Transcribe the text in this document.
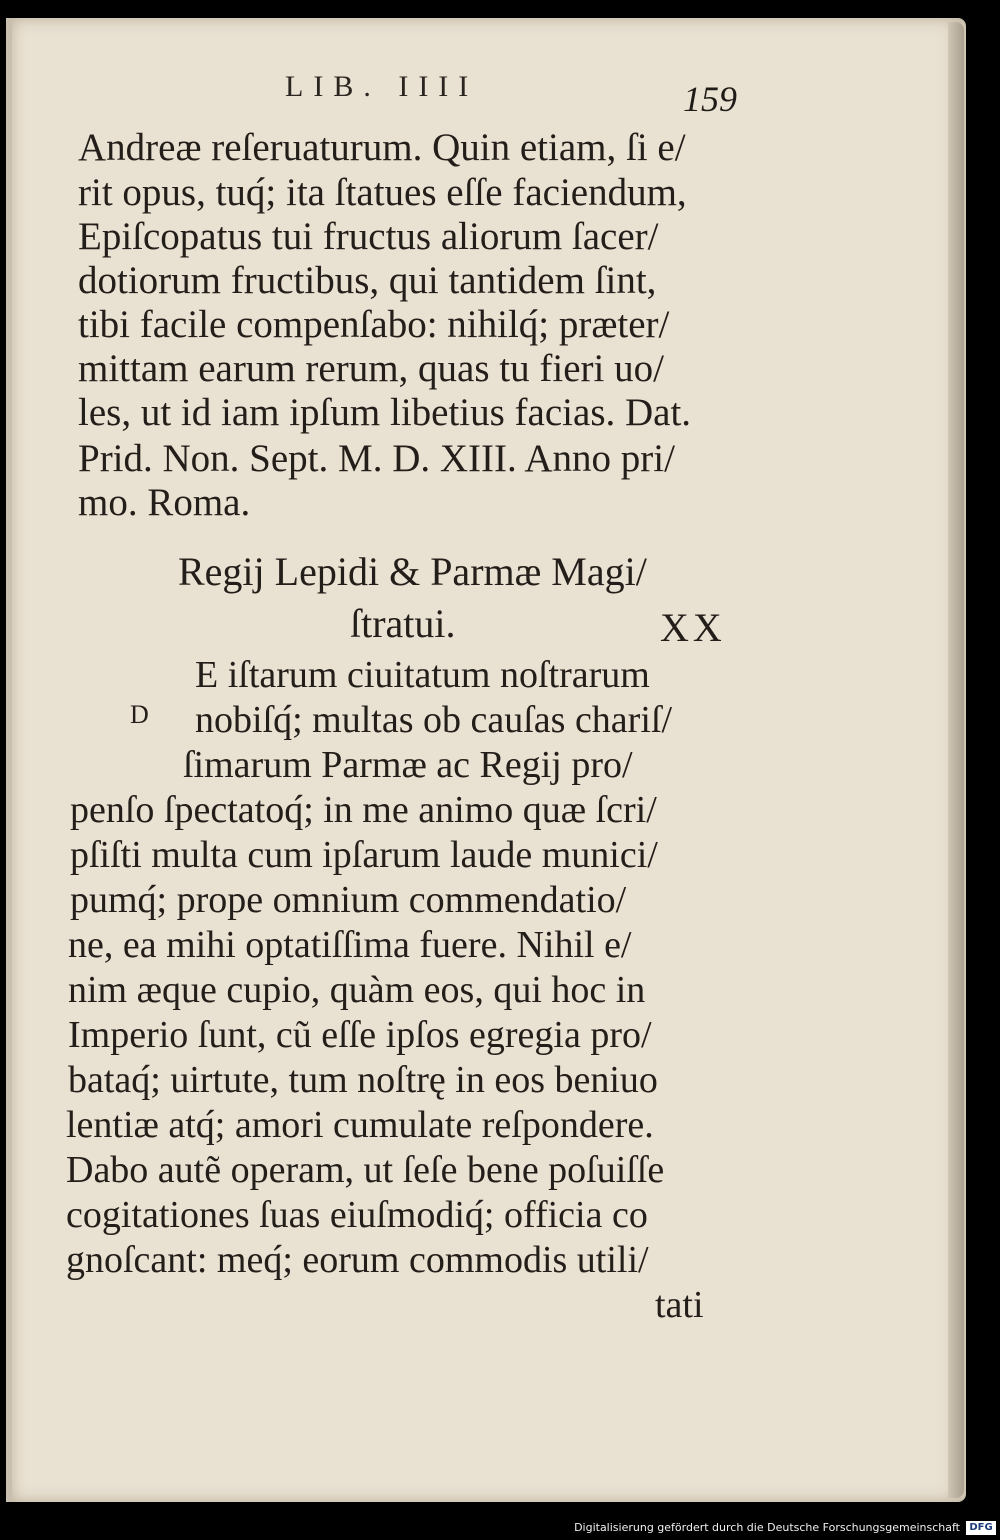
LIB. IIII	159
Andreæ reſeruaturum. Quin etiam, ſi e/
rit opus, tuq́; ita ſtatues eſſe faciendum,
Epiſcopatus tui fructus aliorum ſacer/
dotiorum fructibus, qui tantidem ſint,
tibi facile compenſabo: nihilq́; præter/
mittam earum rerum, quas tu fieri uo/
les, ut id iam ipſum libetius facias. Dat.
Prid. Non. Sept. M. D. XIII. Anno pri/
mo. Roma.
Regij Lepidi & Parmæ Magi/
ſtratui.	XX
D
E iſtarum ciuitatum noſtrarum
nobiſq́; multas ob cauſas chariſ/
ſimarum Parmæ ac Regij pro/
penſo ſpectatoq́; in me animo quæ ſcri/
pſiſti multa cum ipſarum laude munici/
pumq́; prope omnium commendatio/
ne, ea mihi optatiſſima fuere. Nihil e/
nim æque cupio, quàm eos, qui hoc in
Imperio ſunt, cũ eſſe ipſos egregia pro/
bataq́; uirtute, tum noſtrę in eos beniuo
lentiæ atq́; amori cumulate reſpondere.
Dabo autẽ operam, ut ſeſe bene poſuiſſe
cogitationes ſuas eiuſmodiq́; officia co
gnoſcant: meq́; eorum commodis utili/
tati
Digitalisierung gefördert durch die Deutsche Forschungsgemeinschaft DFG
